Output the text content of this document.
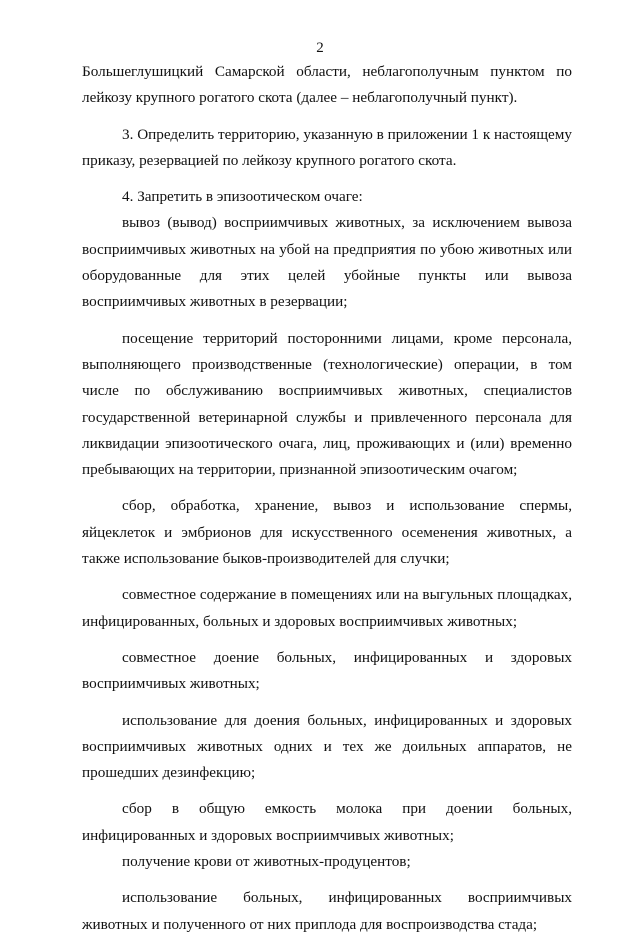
2

Большеглушицкий Самарской области, неблагополучным пунктом по лейкозу крупного рогатого скота (далее – неблагополучный пункт).

3. Определить территорию, указанную в приложении 1 к настоящему приказу, резервацией по лейкозу крупного рогатого скота.

4. Запретить в эпизоотическом очаге:

вывоз (вывод) восприимчивых животных, за исключением вывоза восприимчивых животных на убой на предприятия по убою животных или оборудованные для этих целей убойные пункты или вывоза восприимчивых животных в резервации;

посещение территорий посторонними лицами, кроме персонала, выполняющего производственные (технологические) операции, в том числе по обслуживанию восприимчивых животных, специалистов государственной ветеринарной службы и привлеченного персонала для ликвидации эпизоотического очага, лиц, проживающих и (или) временно пребывающих на территории, признанной эпизоотическим очагом;

сбор, обработка, хранение, вывоз и использование спермы, яйцеклеток и эмбрионов для искусственного осеменения животных, а также использование быков-производителей для случки;

совместное содержание в помещениях или на выгульных площадках, инфицированных, больных и здоровых восприимчивых животных;

совместное доение больных, инфицированных и здоровых восприимчивых животных;

использование для доения больных, инфицированных и здоровых восприимчивых животных одних и тех же доильных аппаратов, не прошедших дезинфекцию;

сбор в общую емкость молока при доении больных, инфицированных и здоровых восприимчивых животных;

получение крови от животных-продуцентов;

использование больных, инфицированных восприимчивых животных и полученного от них приплода для воспроизводства стада;
